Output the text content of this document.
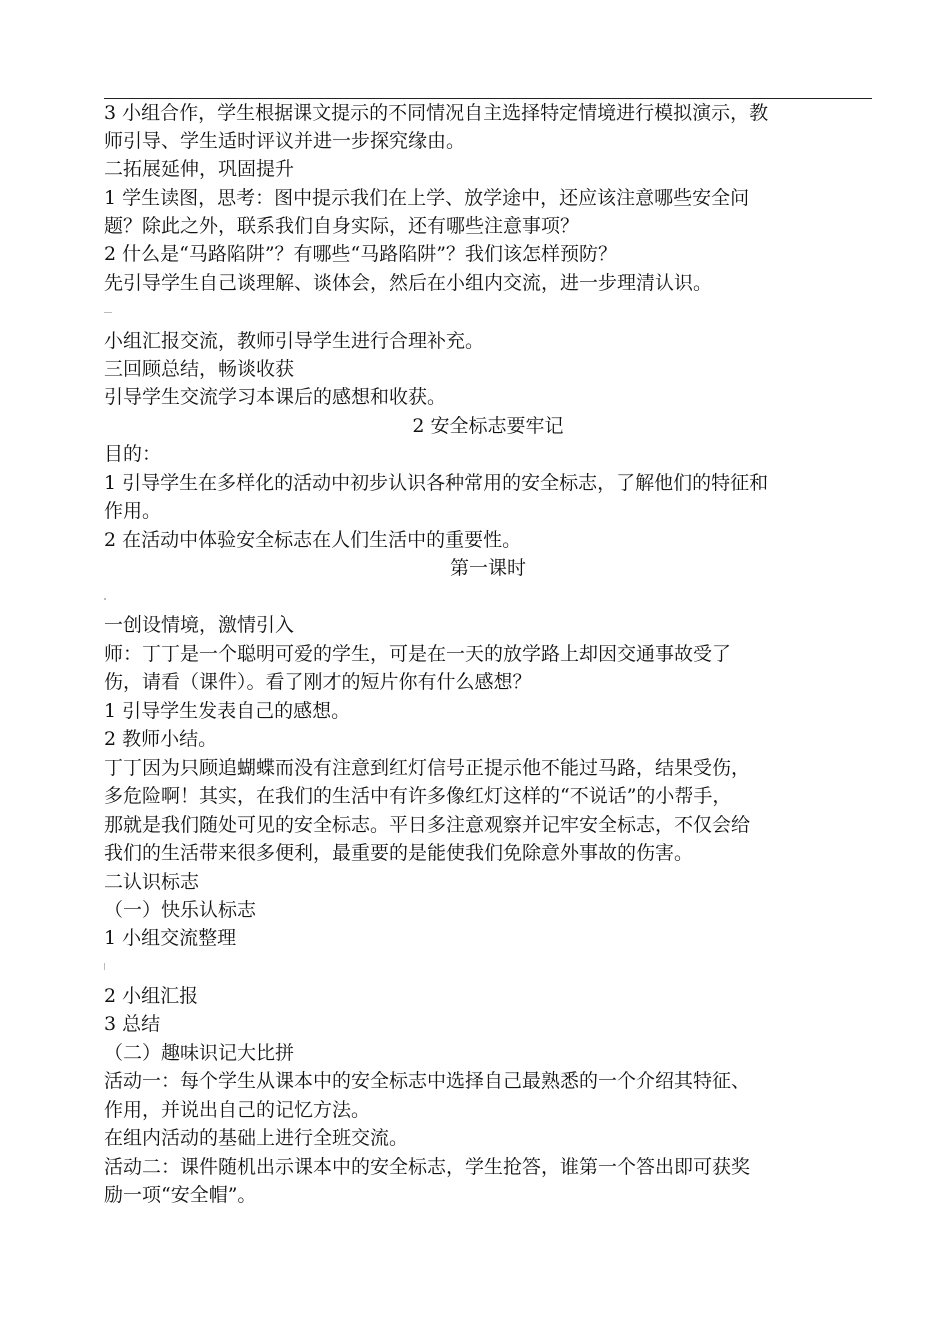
3 小组合作，学生根据课文提示的不同情况自主选择特定情境进行模拟演示，教
师引导、学生适时评议并进一步探究缘由。
二拓展延伸，巩固提升
1 学生读图，思考：图中提示我们在上学、放学途中，还应该注意哪些安全问
题？除此之外，联系我们自身实际，还有哪些注意事项？
2 什么是“马路陷阱”？有哪些“马路陷阱”？我们该怎样预防？
先引导学生自己谈理解、谈体会，然后在小组内交流，进一步理清认识。
小组汇报交流，教师引导学生进行合理补充。
三回顾总结，畅谈收获
引导学生交流学习本课后的感想和收获。
2 安全标志要牢记
目的：
1 引导学生在多样化的活动中初步认识各种常用的安全标志，了解他们的特征和
作用。
2 在活动中体验安全标志在人们生活中的重要性。
第一课时
一创设情境，激情引入
师：丁丁是一个聪明可爱的学生，可是在一天的放学路上却因交通事故受了
伤，请看（课件）。看了刚才的短片你有什么感想？
1 引导学生发表自己的感想。
2 教师小结。
丁丁因为只顾追蝴蝶而没有注意到红灯信号正提示他不能过马路，结果受伤，
多危险啊！其实，在我们的生活中有许多像红灯这样的“不说话”的小帮手，
那就是我们随处可见的安全标志。平日多注意观察并记牢安全标志，不仅会给
我们的生活带来很多便利，最重要的是能使我们免除意外事故的伤害。
二认识标志
（一）快乐认标志
1 小组交流整理
2 小组汇报
3 总结
（二）趣味识记大比拼
活动一：每个学生从课本中的安全标志中选择自己最熟悉的一个介绍其特征、
作用，并说出自己的记忆方法。
在组内活动的基础上进行全班交流。
活动二：课件随机出示课本中的安全标志，学生抢答，谁第一个答出即可获奖
励一项“安全帽”。
